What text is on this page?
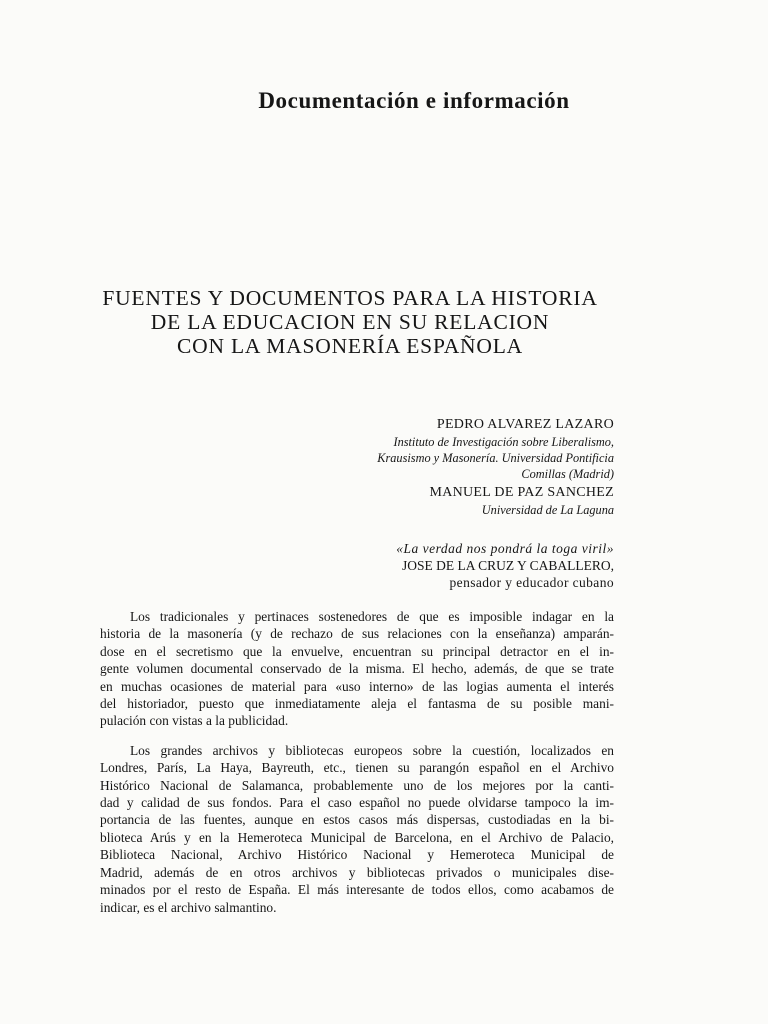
Documentación e información
FUENTES Y DOCUMENTOS PARA LA HISTORIA
DE LA EDUCACION EN SU RELACION
CON LA MASONERÍA ESPAÑOLA
PEDRO ALVAREZ LAZARO
Instituto de Investigación sobre Liberalismo,
Krausismo y Masonería. Universidad Pontificia
Comillas (Madrid)
MANUEL DE PAZ SANCHEZ
Universidad de La Laguna
«La verdad nos pondrá la toga viril»
JOSE DE LA CRUZ Y CABALLERO,
pensador y educador cubano

Los tradicionales y pertinaces sostenedores de que es imposible indagar en la
historia de la masonería (y de rechazo de sus relaciones con la enseñanza) amparán-
dose en el secretismo que la envuelve, encuentran su principal detractor en el in-
gente volumen documental conservado de la misma. El hecho, además, de que se trate
en muchas ocasiones de material para «uso interno» de las logias aumenta el interés
del historiador, puesto que inmediatamente aleja el fantasma de su posible mani-
pulación con vistas a la publicidad.

Los grandes archivos y bibliotecas europeos sobre la cuestión, localizados en
Londres, París, La Haya, Bayreuth, etc., tienen su parangón español en el Archivo
Histórico Nacional de Salamanca, probablemente uno de los mejores por la canti-
dad y calidad de sus fondos. Para el caso español no puede olvidarse tampoco la im-
portancia de las fuentes, aunque en estos casos más dispersas, custodiadas en la bi-
blioteca Arús y en la Hemeroteca Municipal de Barcelona, en el Archivo de Palacio,
Biblioteca Nacional, Archivo Histórico Nacional y Hemeroteca Municipal de
Madrid, además de en otros archivos y bibliotecas privados o municipales dise-
minados por el resto de España. El más interesante de todos ellos, como acabamos de
indicar, es el archivo salmantino.
